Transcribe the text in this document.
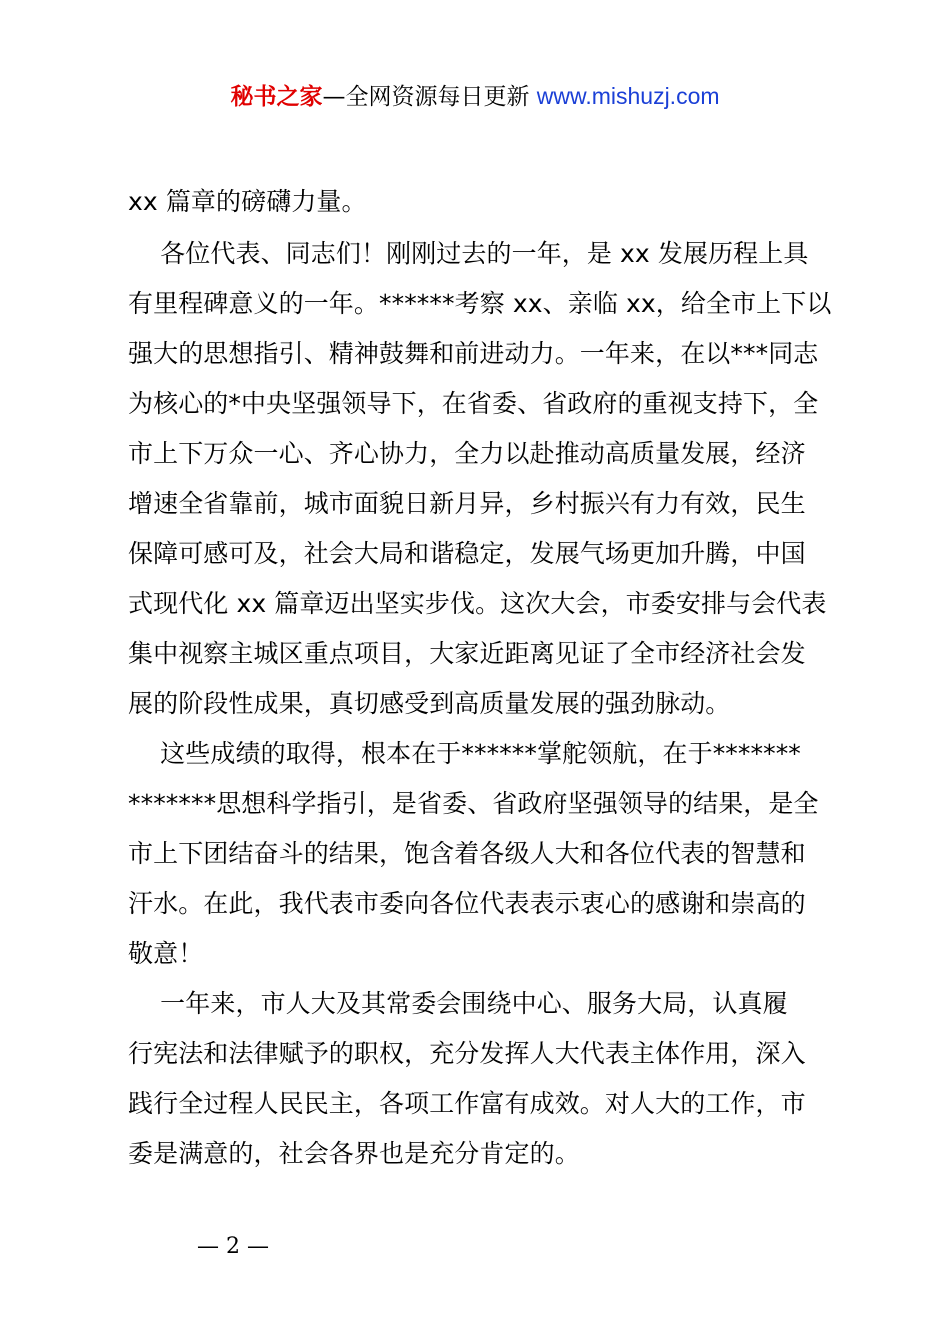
秘书之家—全网资源每日更新 www.mishuzj.com
xx 篇章的磅礴力量。
各位代表、同志们！刚刚过去的一年，是 xx 发展历程上具
有里程碑意义的一年。******考察 xx、亲临 xx，给全市上下以
强大的思想指引、精神鼓舞和前进动力。一年来，在以***同志
为核心的*中央坚强领导下，在省委、省政府的重视支持下，全
市上下万众一心、齐心协力，全力以赴推动高质量发展，经济
增速全省靠前，城市面貌日新月异，乡村振兴有力有效，民生
保障可感可及，社会大局和谐稳定，发展气场更加升腾，中国
式现代化 xx 篇章迈出坚实步伐。这次大会，市委安排与会代表
集中视察主城区重点项目，大家近距离见证了全市经济社会发
展的阶段性成果，真切感受到高质量发展的强劲脉动。
这些成绩的取得，根本在于******掌舵领航，在于*******
*******思想科学指引，是省委、省政府坚强领导的结果，是全
市上下团结奋斗的结果，饱含着各级人大和各位代表的智慧和
汗水。在此，我代表市委向各位代表表示衷心的感谢和崇高的
敬意！
一年来，市人大及其常委会围绕中心、服务大局，认真履
行宪法和法律赋予的职权，充分发挥人大代表主体作用，深入
践行全过程人民民主，各项工作富有成效。对人大的工作，市
委是满意的，社会各界也是充分肯定的。
— 2 —
